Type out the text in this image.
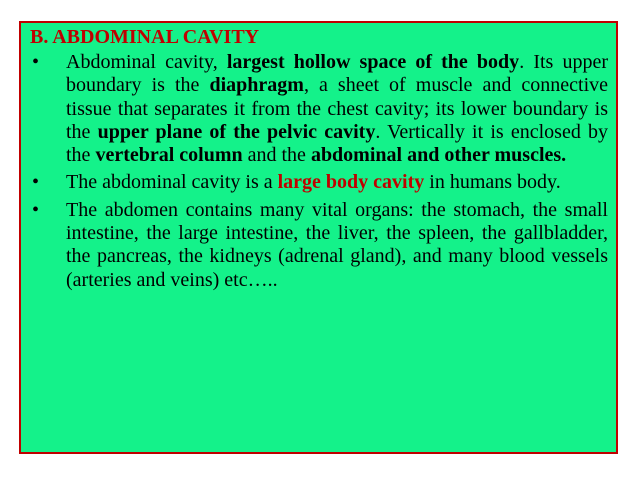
B. ABDOMINAL CAVITY
• Abdominal cavity, largest hollow space of the body. Its upper boundary is the diaphragm, a sheet of muscle and connective tissue that separates it from the chest cavity; its lower boundary is the upper plane of the pelvic cavity. Vertically it is enclosed by the vertebral column and the abdominal and other muscles.
• The abdominal cavity is a large body cavity in humans body.
• The abdomen contains many vital organs: the stomach, the small intestine, the large intestine, the liver, the spleen, the gallbladder, the pancreas, the kidneys (adrenal gland), and many blood vessels (arteries and veins) etc…..
